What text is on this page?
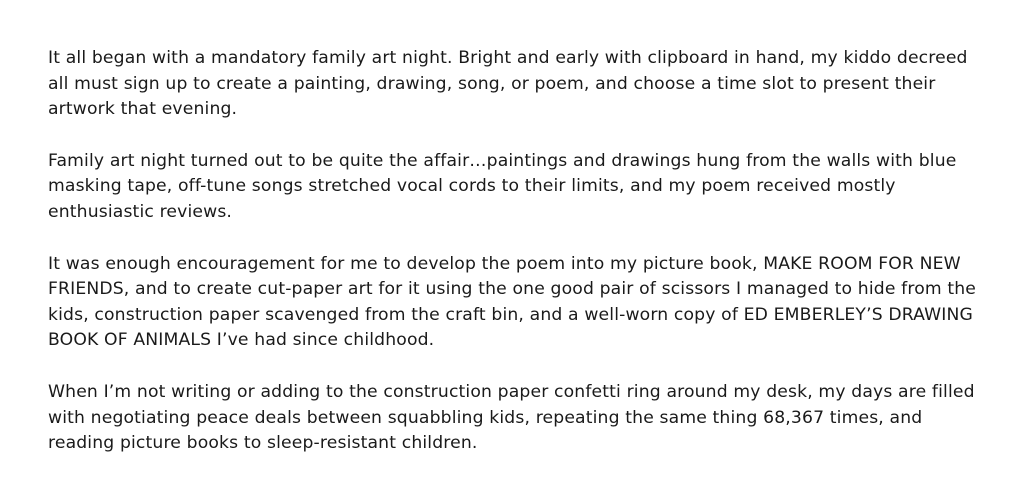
It all began with a mandatory family art night. Bright and early with clipboard in hand, my kiddo decreed all must sign up to create a painting, drawing, song, or poem, and choose a time slot to present their artwork that evening.

Family art night turned out to be quite the affair…paintings and drawings hung from the walls with blue masking tape, off-tune songs stretched vocal cords to their limits, and my poem received mostly enthusiastic reviews.

It was enough encouragement for me to develop the poem into my picture book, MAKE ROOM FOR NEW FRIENDS, and to create cut-paper art for it using the one good pair of scissors I managed to hide from the kids, construction paper scavenged from the craft bin, and a well-worn copy of ED EMBERLEY’S DRAWING BOOK OF ANIMALS I’ve had since childhood.

When I’m not writing or adding to the construction paper confetti ring around my desk, my days are filled with negotiating peace deals between squabbling kids, repeating the same thing 68,367 times, and reading picture books to sleep-resistant children.
